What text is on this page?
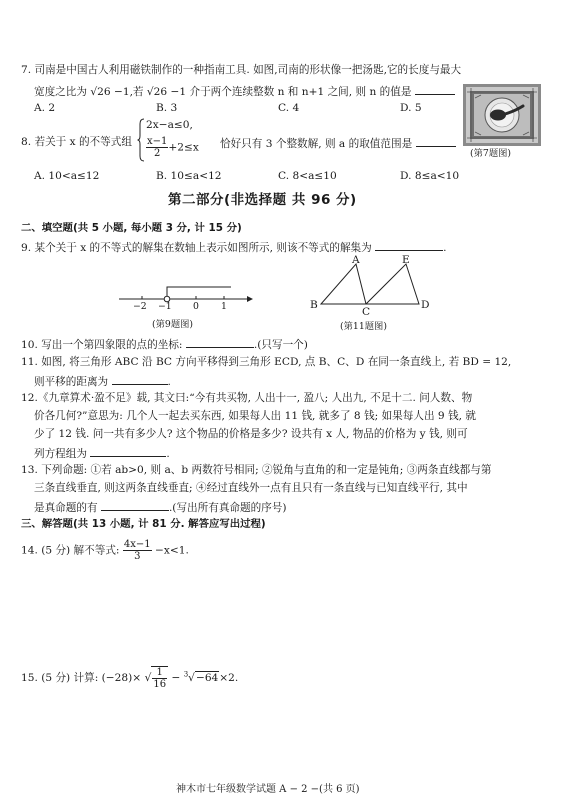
7. 司南是中国古人利用磁铁制作的一种指南工具. 如图,司南的形状像一把汤匙,它的长度与最大
宽度之比为 √26 −1,若 √26 −1 介于两个连续整数 n 和 n+1 之间, 则 n 的值是
A. 2	B. 3	C. 4	D. 5
(第7题图)
8. 若关于 x 的不等式组
2x−a≤0,
$\frac{x-1}{2} +2\le x$ 恰好只有 3 个整数解, 则 a 的取值范围是
A. 10<a≤12	B. 10≤a<12	C. 8<a≤10	D. 8≤a<10
第二部分(非选择题 共 96 分)
二、填空题(共 5 小题, 每小题 3 分, 计 15 分)
9. 某个关于 x 的不等式的解集在数轴上表示如图所示, 则该不等式的解集为	.
−2 −1 0 1
(第9题图)
A	E
B
C
D
(第11题图)
10. 写出一个第四象限的点的坐标:	.(只写一个)
11. 如图, 将三角形 ABC 沿 BC 方向平移得到三角形 ECD, 点 B、C、D 在同一条直线上, 若 BD = 12,
则平移的距离为	.
12.《九章算术·盈不足》载, 其文曰:“今有共买物, 人出十一, 盈八; 人出九, 不足十二. 问人数、物
价各几何?”意思为: 几个人一起去买东西, 如果每人出 11 钱, 就多了 8 钱; 如果每人出 9 钱, 就
少了 12 钱. 问一共有多少人? 这个物品的价格是多少? 设共有 x 人, 物品的价格为 y 钱, 则可
列方程组为	.
13. 下列命题: ①若 ab>0, 则 a、b 两数符号相同; ②锐角与直角的和一定是钝角; ③两条直线都与第
三条直线垂直, 则这两条直线垂直; ④经过直线外一点有且只有一条直线与已知直线平行, 其中
是真命题的有	.(写出所有真命题的序号)
三、解答题(共 13 小题, 计 81 分. 解答应写出过程)
14. (5 分) 解不等式: $\frac{4x-1}{3} -x<1$.
15. (5 分) 计算: (−28)× √ $\frac{1}{16} - ^3√-64\times 2$.
神木市七年级数学试题 A − 2 −(共 6 页)
